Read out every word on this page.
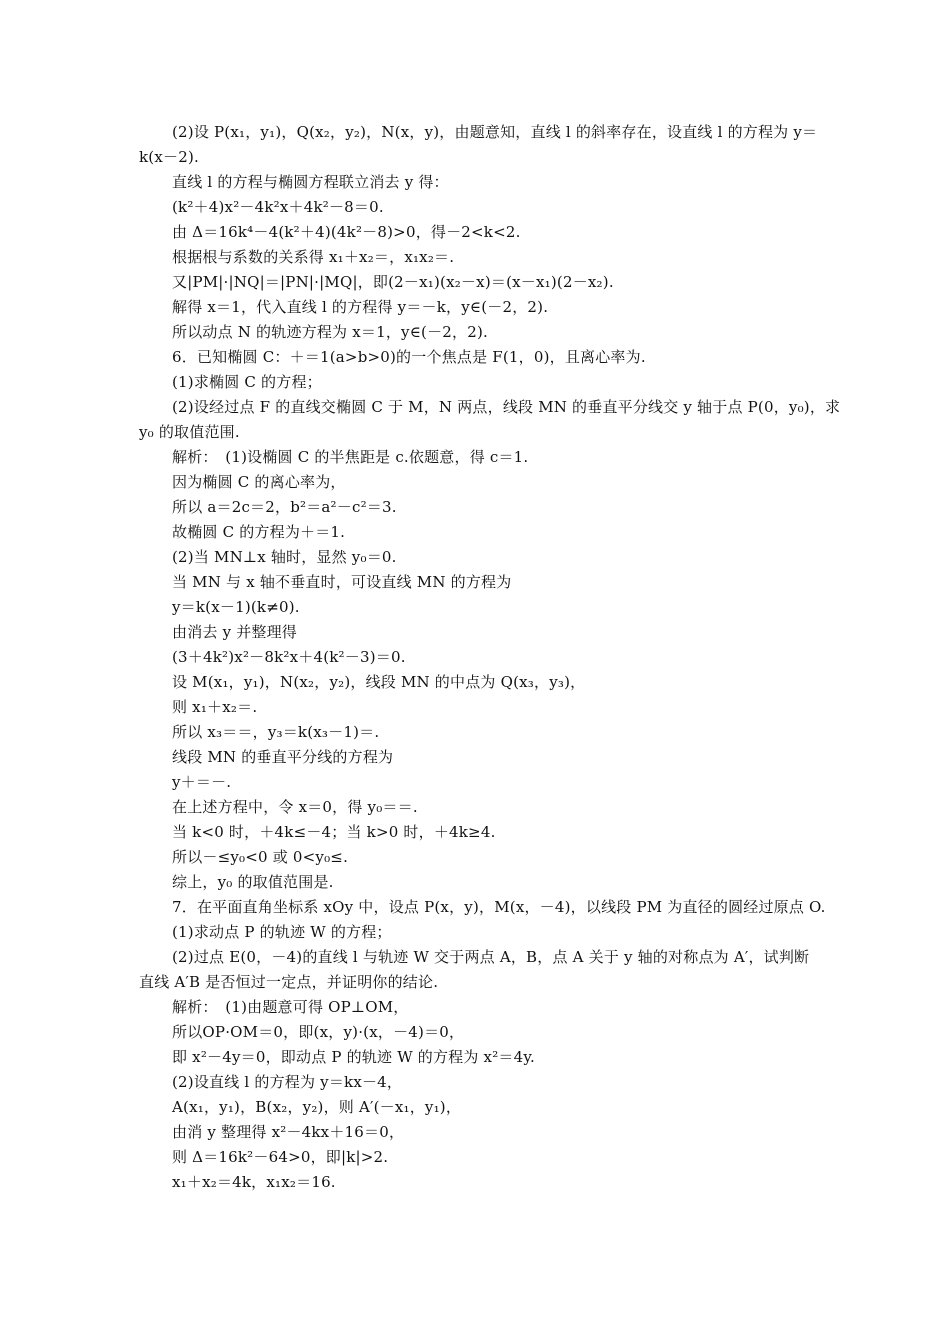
(2)设 P(x₁，y₁)，Q(x₂，y₂)，N(x，y)，由题意知，直线 l 的斜率存在，设直线 l 的方程为 y＝
k(x－2).
直线 l 的方程与椭圆方程联立消去 y 得：
(k²＋4)x²－4k²x＋4k²－8＝0.
由 Δ＝16k⁴－4(k²＋4)(4k²－8)>0，得－2<k<2.
根据根与系数的关系得 x₁＋x₂＝，x₁x₂＝.
又|PM|·|NQ|＝|PN|·|MQ|，即(2－x₁)(x₂－x)＝(x－x₁)(2－x₂).
解得 x＝1，代入直线 l 的方程得 y＝－k，y∈(－2，2).
所以动点 N 的轨迹方程为 x＝1，y∈(－2，2).
6．已知椭圆 C：＋＝1(a>b>0)的一个焦点是 F(1，0)，且离心率为.
(1)求椭圆 C 的方程；
(2)设经过点 F 的直线交椭圆 C 于 M，N 两点，线段 MN 的垂直平分线交 y 轴于点 P(0，y₀)，求
y₀ 的取值范围.
解析：　(1)设椭圆 C 的半焦距是 c.依题意，得 c＝1.
因为椭圆 C 的离心率为，
所以 a＝2c＝2，b²＝a²－c²＝3.
故椭圆 C 的方程为＋＝1.
(2)当 MN⊥x 轴时，显然 y₀＝0.
当 MN 与 x 轴不垂直时，可设直线 MN 的方程为
y＝k(x－1)(k≠0).
由消去 y 并整理得
(3＋4k²)x²－8k²x＋4(k²－3)＝0.
设 M(x₁，y₁)，N(x₂，y₂)，线段 MN 的中点为 Q(x₃，y₃)，
则 x₁＋x₂＝.
所以 x₃＝＝，y₃＝k(x₃－1)＝.
线段 MN 的垂直平分线的方程为
y＋＝－.
在上述方程中，令 x＝0，得 y₀＝＝.
当 k<0 时，＋4k≤－4；当 k>0 时，＋4k≥4.
所以－≤y₀<0 或 0<y₀≤.
综上，y₀ 的取值范围是.
7．在平面直角坐标系 xOy 中，设点 P(x，y)，M(x，－4)，以线段 PM 为直径的圆经过原点 O.
(1)求动点 P 的轨迹 W 的方程；
(2)过点 E(0，－4)的直线 l 与轨迹 W 交于两点 A，B，点 A 关于 y 轴的对称点为 A′，试判断
直线 A′B 是否恒过一定点，并证明你的结论.
解析：　(1)由题意可得 OP⊥OM，
所以OP·OM＝0，即(x，y)·(x，－4)＝0，
即 x²－4y＝0，即动点 P 的轨迹 W 的方程为 x²＝4y.
(2)设直线 l 的方程为 y＝kx－4，
A(x₁，y₁)，B(x₂，y₂)，则 A′(－x₁，y₁)，
由消 y 整理得 x²－4kx＋16＝0，
则 Δ＝16k²－64>0，即|k|>2.
x₁＋x₂＝4k，x₁x₂＝16.
